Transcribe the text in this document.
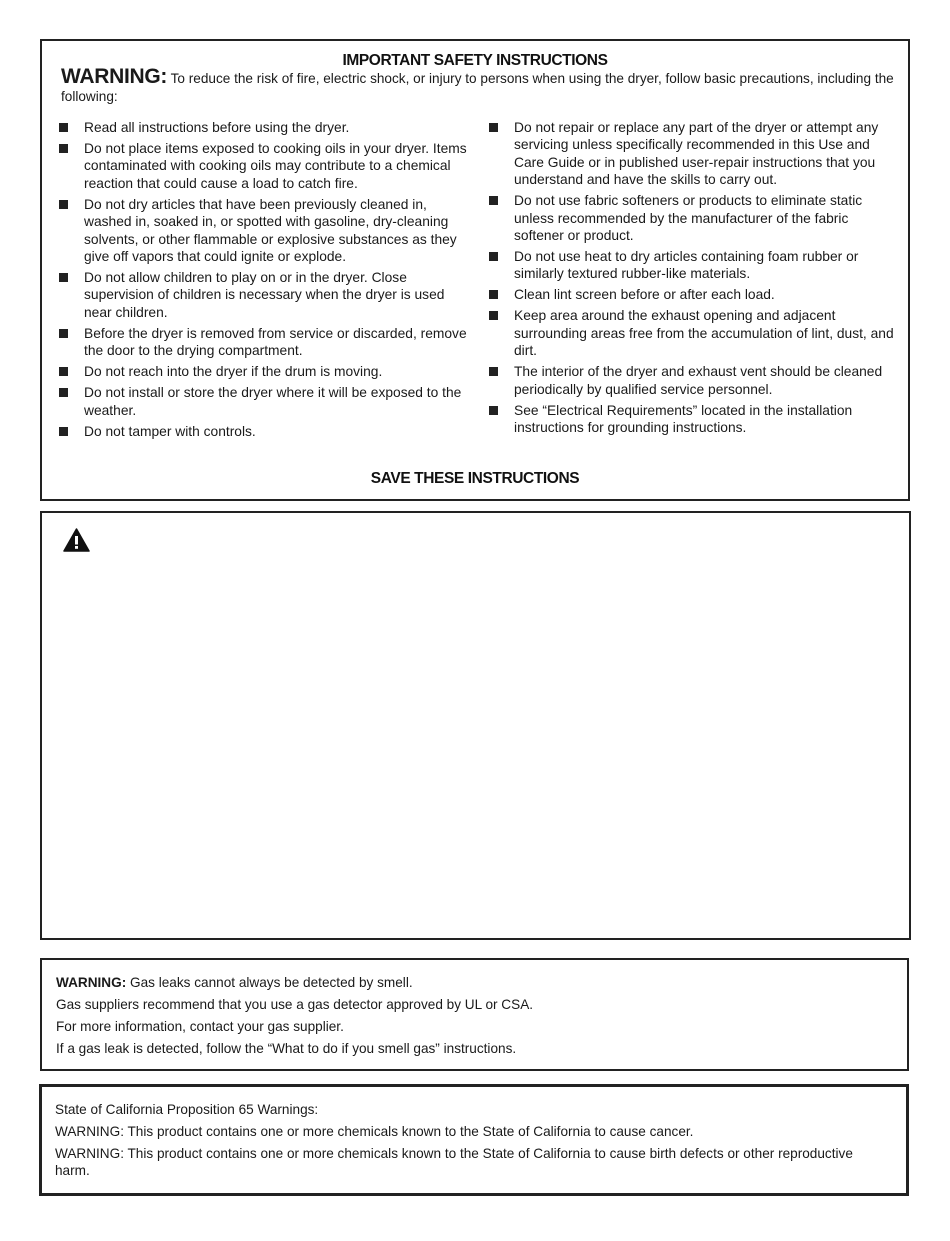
IMPORTANT SAFETY INSTRUCTIONS
WARNING: To reduce the risk of fire, electric shock, or injury to persons when using the dryer, follow basic precautions, including the following:
Read all instructions before using the dryer.
Do not place items exposed to cooking oils in your dryer. Items contaminated with cooking oils may contribute to a chemical reaction that could cause a load to catch fire.
Do not dry articles that have been previously cleaned in, washed in, soaked in, or spotted with gasoline, dry-cleaning solvents, or other flammable or explosive substances as they give off vapors that could ignite or explode.
Do not allow children to play on or in the dryer. Close supervision of children is necessary when the dryer is used near children.
Before the dryer is removed from service or discarded, remove the door to the drying compartment.
Do not reach into the dryer if the drum is moving.
Do not install or store the dryer where it will be exposed to the weather.
Do not tamper with controls.
Do not repair or replace any part of the dryer or attempt any servicing unless specifically recommended in this Use and Care Guide or in published user-repair instructions that you understand and have the skills to carry out.
Do not use fabric softeners or products to eliminate static unless recommended by the manufacturer of the fabric softener or product.
Do not use heat to dry articles containing foam rubber or similarly textured rubber-like materials.
Clean lint screen before or after each load.
Keep area around the exhaust opening and adjacent surrounding areas free from the accumulation of lint, dust, and dirt.
The interior of the dryer and exhaust vent should be cleaned periodically by qualified service personnel.
See “Electrical Requirements” located in the installation instructions for grounding instructions.
SAVE THESE INSTRUCTIONS
WARNING: Gas leaks cannot always be detected by smell.
Gas suppliers recommend that you use a gas detector approved by UL or CSA.
For more information, contact your gas supplier.
If a gas leak is detected, follow the “What to do if you smell gas” instructions.
State of California Proposition 65 Warnings:
WARNING: This product contains one or more chemicals known to the State of California to cause cancer.
WARNING: This product contains one or more chemicals known to the State of California to cause birth defects or other reproductive harm.
